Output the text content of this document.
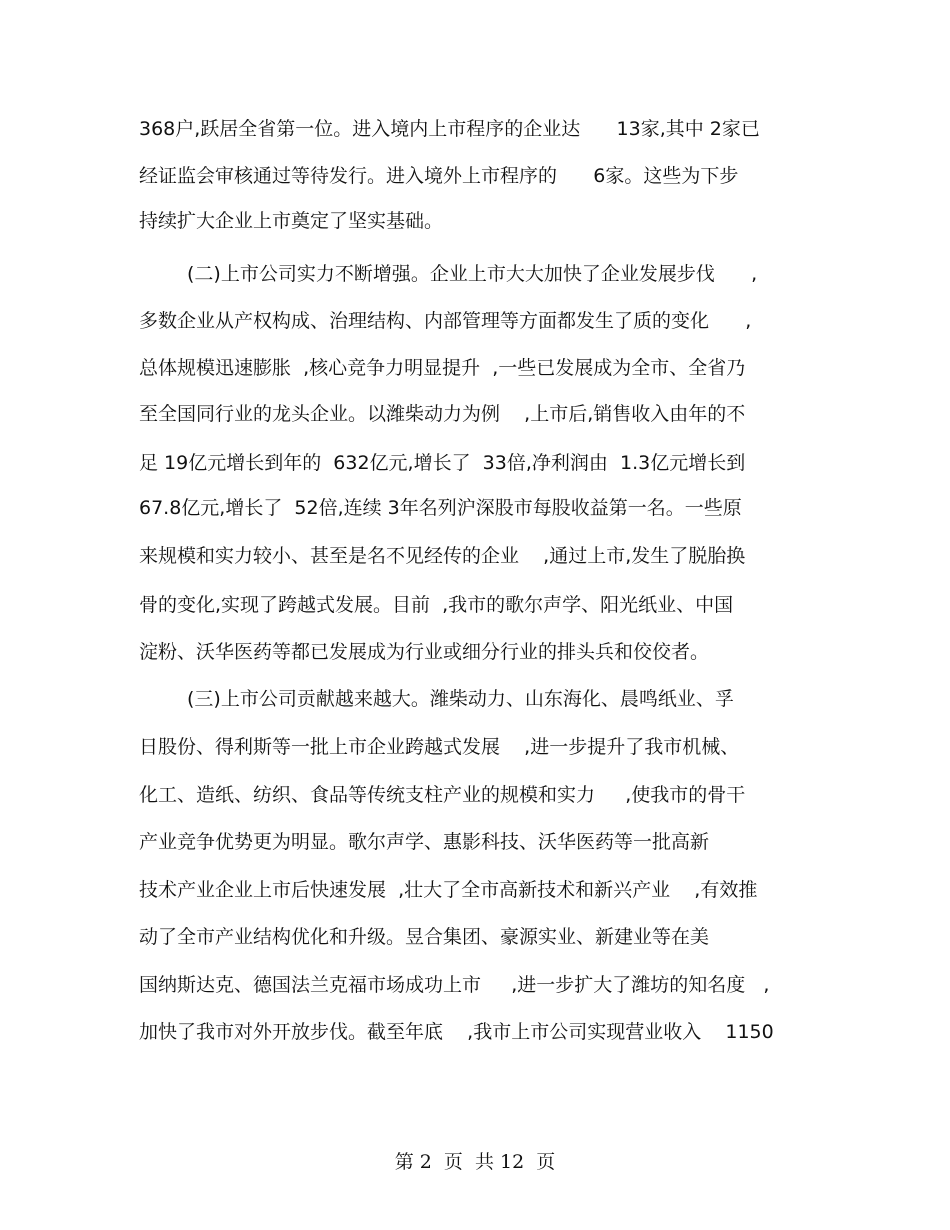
368户,跃居全省第一位。进入境内上市程序的企业达      13家,其中 2家已
经证监会审核通过等待发行。进入境外上市程序的      6家。这些为下步
持续扩大企业上市奠定了坚实基础。
(二)上市公司实力不断增强。企业上市大大加快了企业发展步伐      ,
多数企业从产权构成、治理结构、内部管理等方面都发生了质的变化      ,
总体规模迅速膨胀  ,核心竞争力明显提升  ,一些已发展成为全市、全省乃
至全国同行业的龙头企业。以潍柴动力为例    ,上市后,销售收入由年的不
足 19亿元增长到年的  632亿元,增长了  33倍,净利润由  1.3亿元增长到
67.8亿元,增长了  52倍,连续 3年名列沪深股市每股收益第一名。一些原
来规模和实力较小、甚至是名不见经传的企业    ,通过上市,发生了脱胎换
骨的变化,实现了跨越式发展。目前  ,我市的歌尔声学、阳光纸业、中国
淀粉、沃华医药等都已发展成为行业或细分行业的排头兵和佼佼者。
(三)上市公司贡献越来越大。潍柴动力、山东海化、晨鸣纸业、孚
日股份、得利斯等一批上市企业跨越式发展    ,进一步提升了我市机械、
化工、造纸、纺织、食品等传统支柱产业的规模和实力     ,使我市的骨干
产业竞争优势更为明显。歌尔声学、惠影科技、沃华医药等一批高新
技术产业企业上市后快速发展  ,壮大了全市高新技术和新兴产业    ,有效推
动了全市产业结构优化和升级。昱合集团、豪源实业、新建业等在美
国纳斯达克、德国法兰克福市场成功上市     ,进一步扩大了潍坊的知名度   ,
加快了我市对外开放步伐。截至年底    ,我市上市公司实现营业收入    1150
第 2  页  共 12  页
